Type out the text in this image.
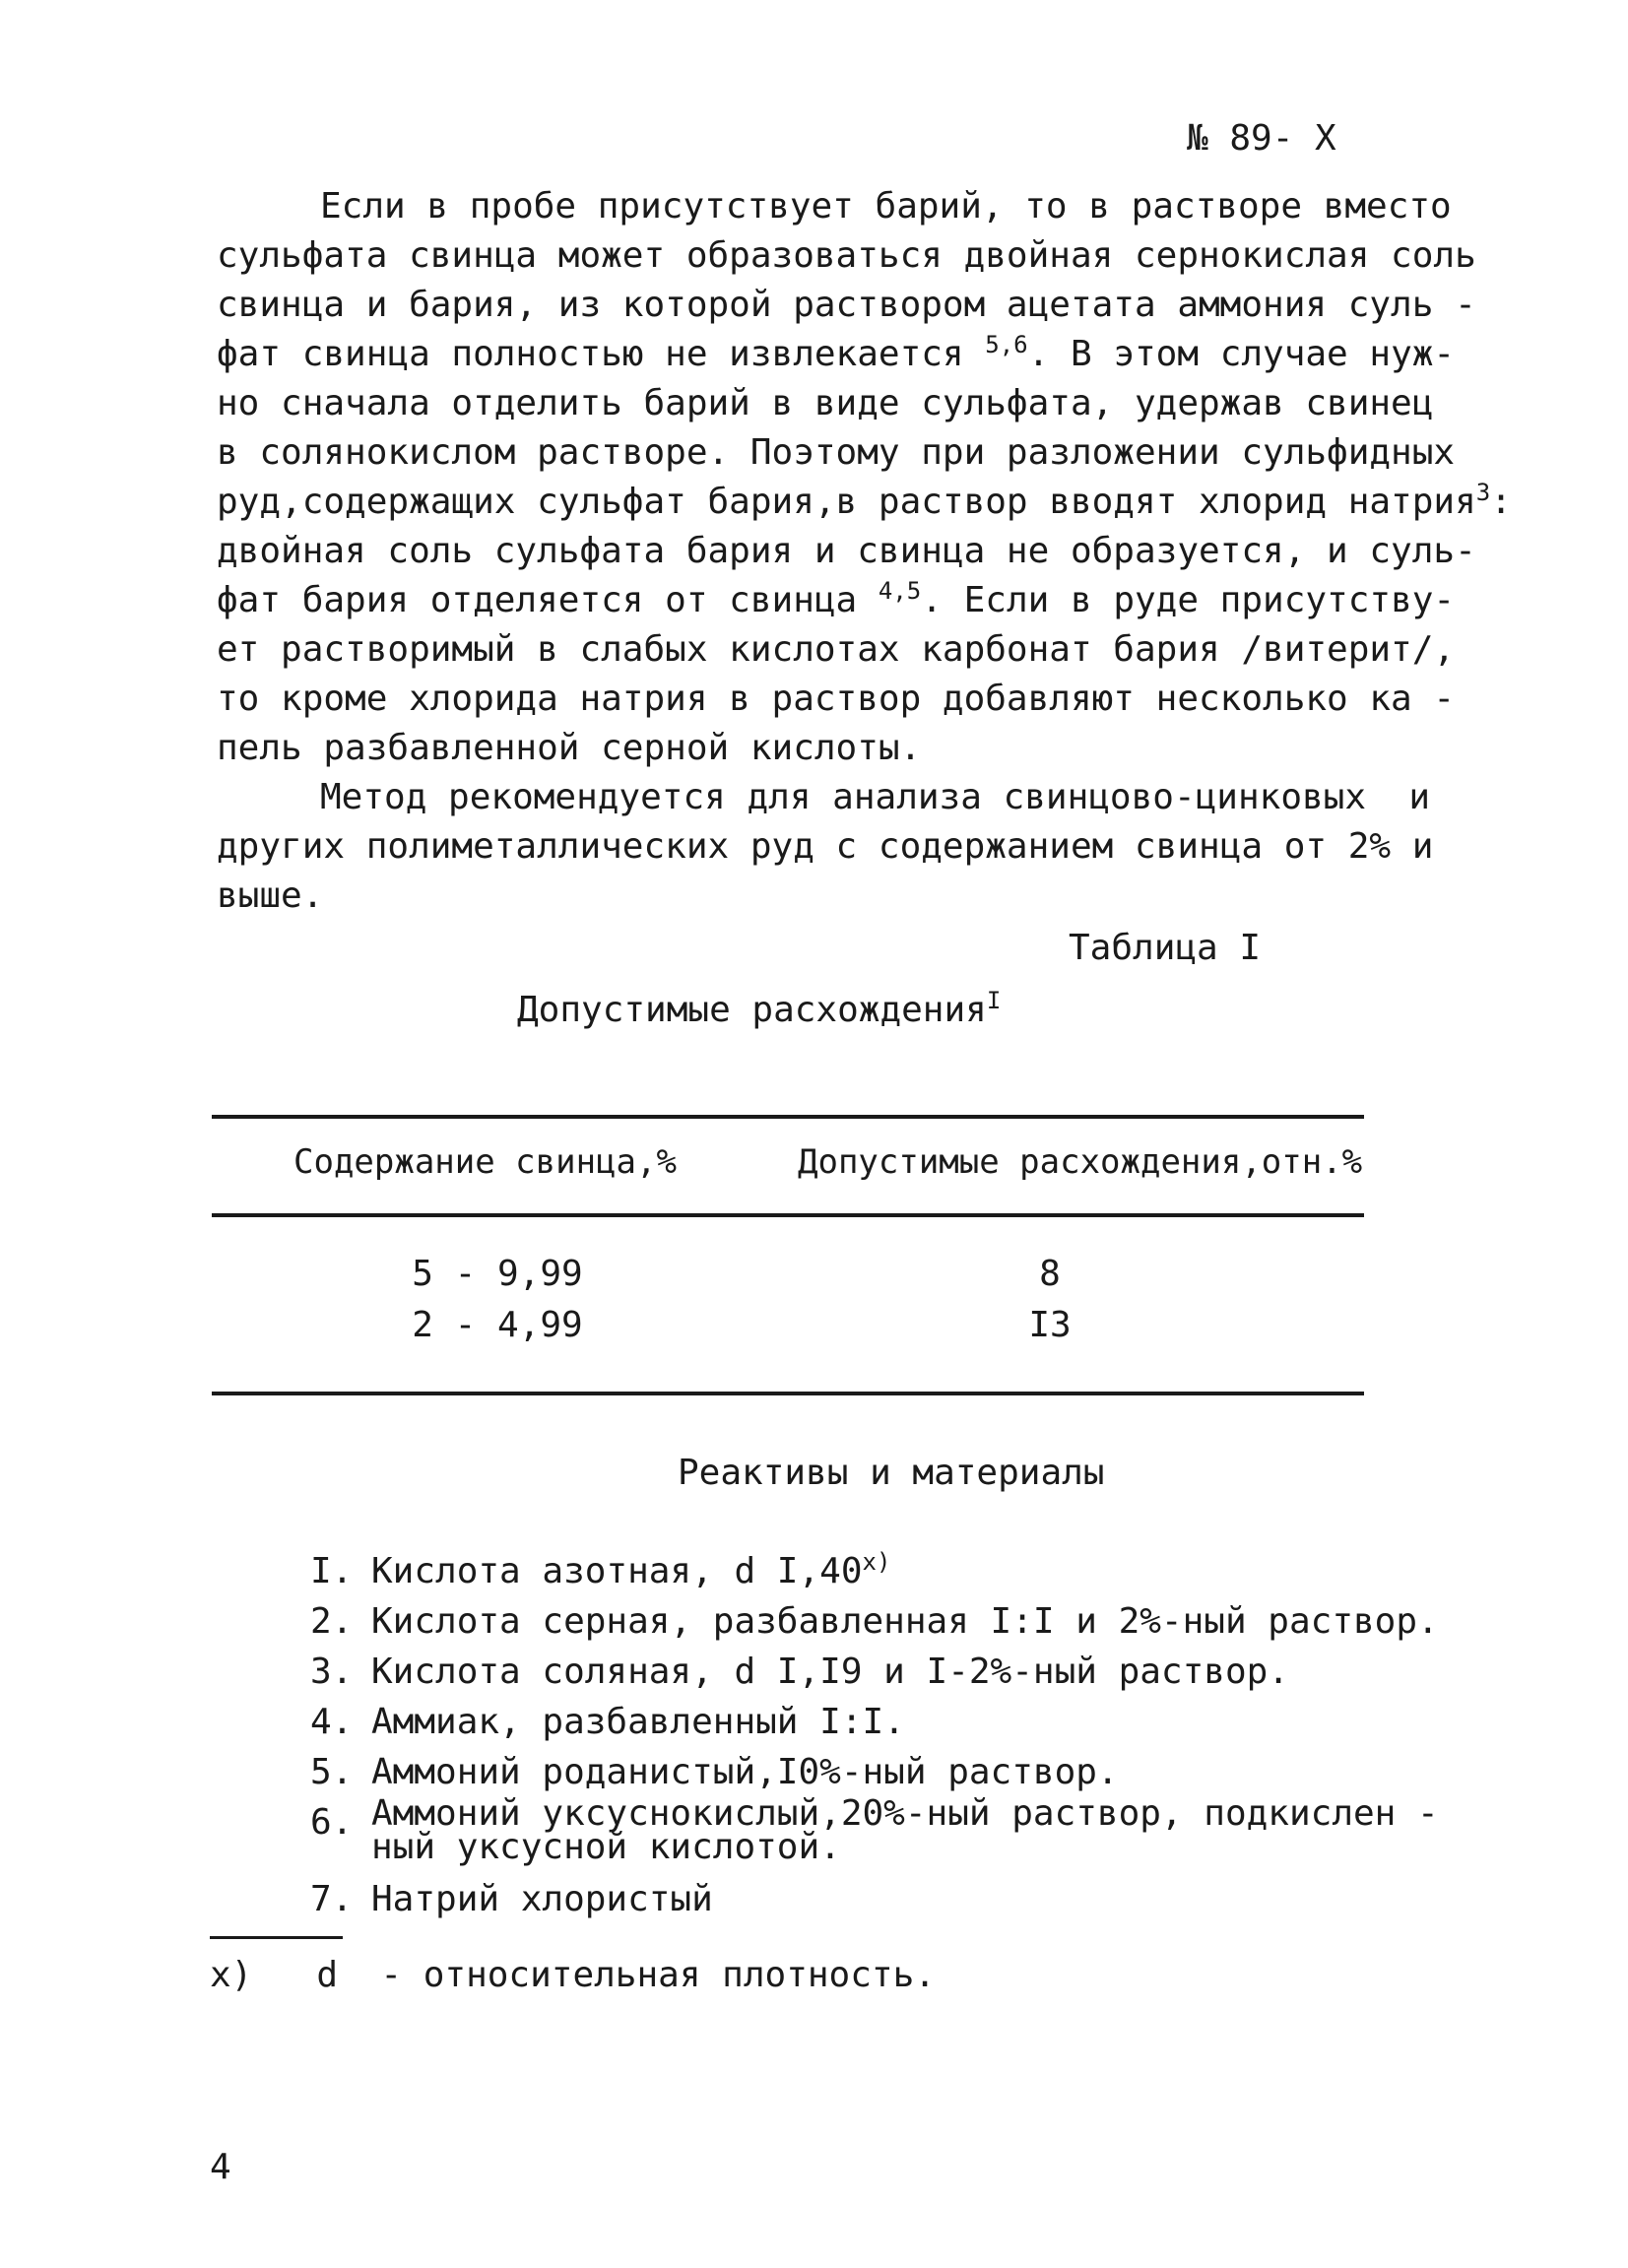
№ 89- X

Если в пробе присутствует барий, то в растворе вместо
сульфата свинца может образоваться двойная сернокислая соль
свинца и бария, из которой раствором ацетата аммония суль -
фат свинца полностью не извлекается $^{5,6}$. В этом случае нуж-
но сначала отделить барий в виде сульфата, удержав свинец
в солянокислом растворе. Поэтому при разложении сульфидных
руд,содержащих сульфат бария,в раствор вводят хлорид натрия$^3$:
двойная соль сульфата бария и свинца не образуется, и суль-
фат бария отделяется от свинца $^{4,5}$. Если в руде присутству-
ет растворимый в слабых кислотах карбонат бария /витерит/,
то кроме хлорида натрия в раствор добавляют несколько ка -
пель разбавленной серной кислоты.

Метод рекомендуется для анализа свинцово-цинковых  и
других полиметаллических руд с содержанием свинца от 2% и
выше.

Таблица I
Допустимые расхождения$^I$
Содержание свинца,%	Допустимые расхождения,отн.%
5 - 9,99	8
2 - 4,99	I3
Реактивы и материалы
I. Кислота азотная, d I,40$^{x)}$
2. Кислота серная, разбавленная I:I и 2%-ный раствор.
3. Кислота соляная, d I,I9 и I-2%-ный раствор.
4. Аммиак, разбавленный I:I.
5. Аммоний роданистый,I0%-ный раствор.
6. Аммоний уксуснокислый,20%-ный раствор, подкислен -
ный уксусной кислотой.
7. Натрий хлористый
x)   d  - относительная плотность.
4
